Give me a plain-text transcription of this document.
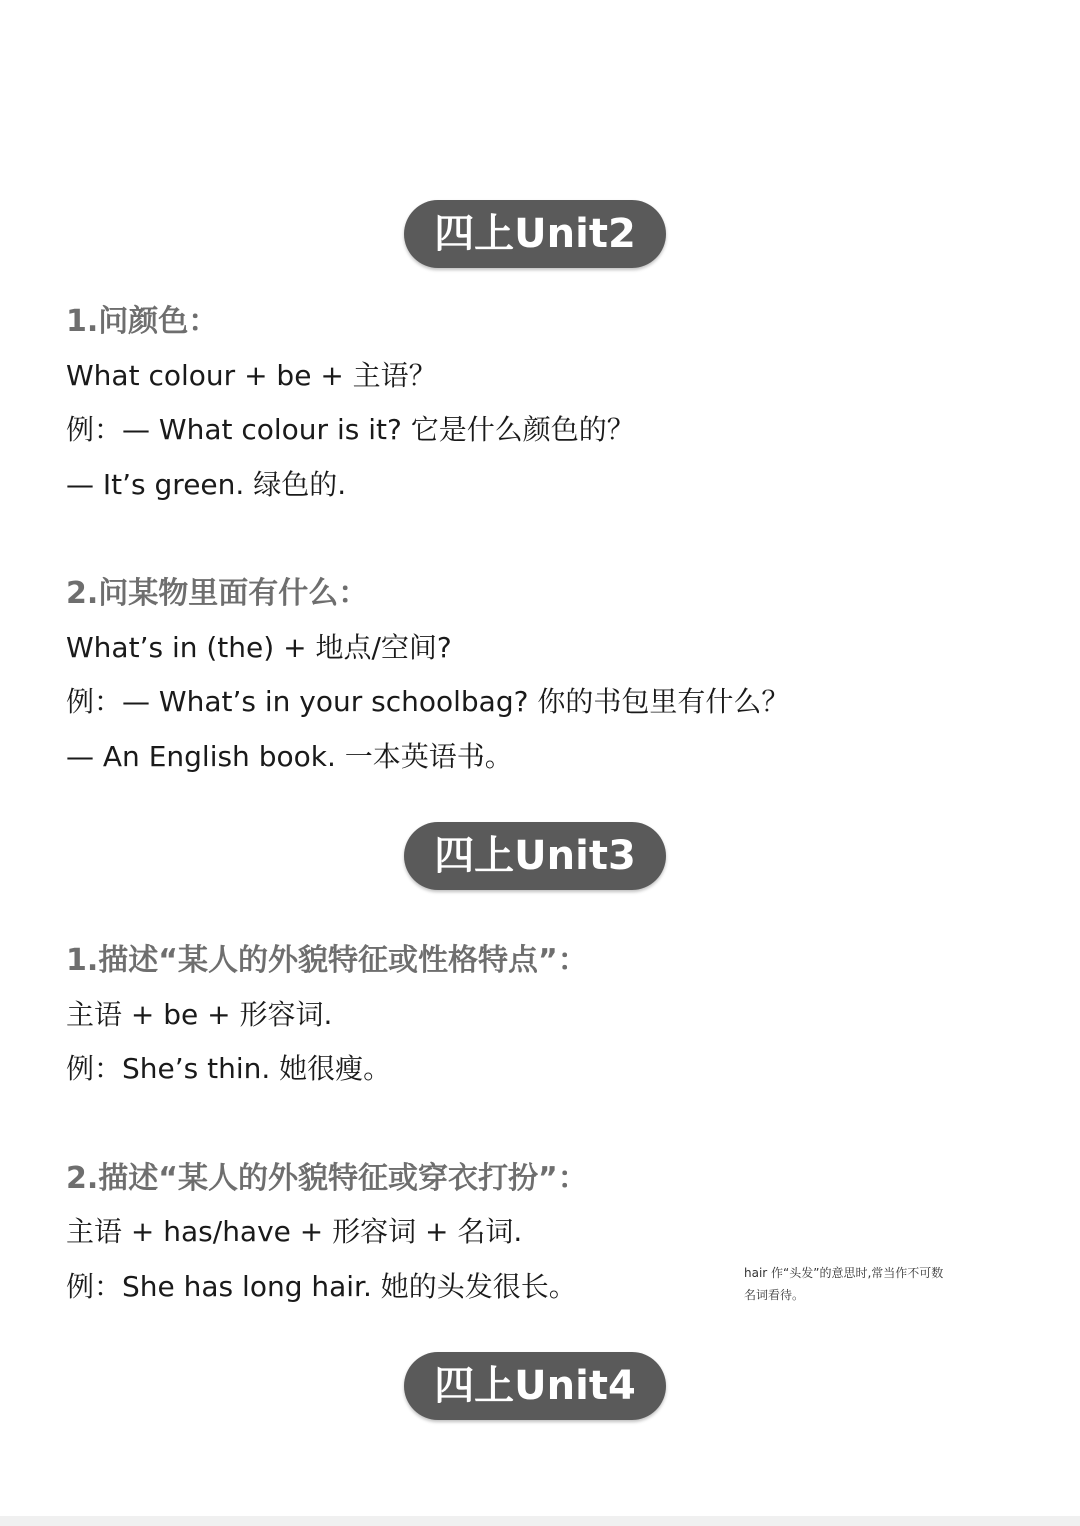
四上Unit2
1.问颜色：
What colour + be + 主语？
例：— What colour is it? 它是什么颜色的？
— It’s green. 绿色的.
2.问某物里面有什么：
What’s in (the) + 地点/空间?
例：— What’s in your schoolbag? 你的书包里有什么？
— An English book. 一本英语书。
四上Unit3
1.描述“某人的外貌特征或性格特点”：
主语 + be + 形容词.
例：She’s thin. 她很瘦。
2.描述“某人的外貌特征或穿衣打扮”：
主语 + has/have + 形容词 + 名词.
例：She has long hair. 她的头发很长。	hair 作“头发”的意思时,常当作不可数名词看待。
四上Unit4
